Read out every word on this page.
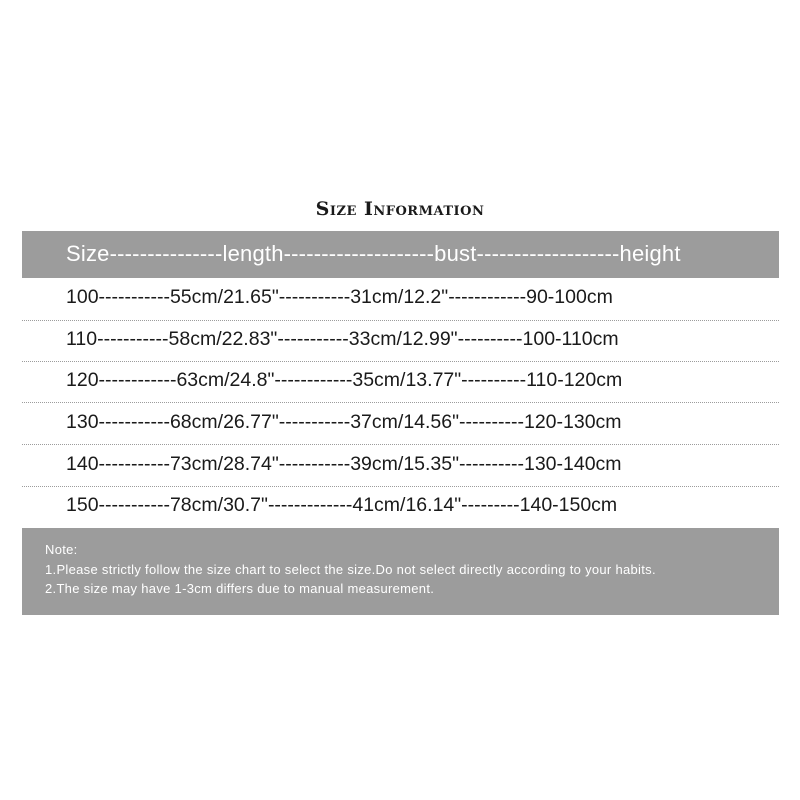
Size Information
Size---------------length--------------------bust-------------------height
100-----------55cm/21.65"-----------31cm/12.2"------------90-100cm
110-----------58cm/22.83"-----------33cm/12.99"----------100-110cm
120------------63cm/24.8"------------35cm/13.77"----------110-120cm
130-----------68cm/26.77"-----------37cm/14.56"----------120-130cm
140-----------73cm/28.74"-----------39cm/15.35"----------130-140cm
150-----------78cm/30.7"-------------41cm/16.14"---------140-150cm
Note:
1.Please strictly follow the size chart to select the size.Do not select directly according to your habits.
2.The size may have 1-3cm differs due to manual measurement.
